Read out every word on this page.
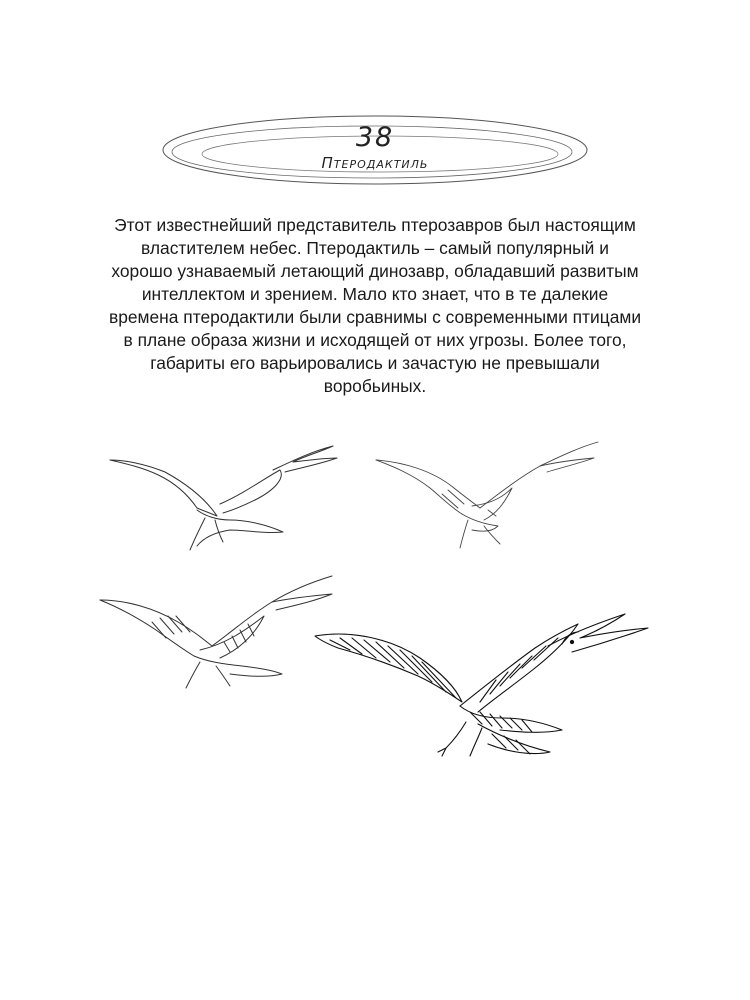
38
Птеродактиль

Этот известнейший представитель птерозавров был настоящим
властителем небес. Птеродактиль – самый популярный и
хорошо узнаваемый летающий динозавр, обладавший развитым
интеллектом и зрением. Мало кто знает, что в те далекие
времена птеродактили были сравнимы с современными птицами
в плане образа жизни и исходящей от них угрозы. Более того,
габариты его варьировались и зачастую не превышали
воробьиных.
